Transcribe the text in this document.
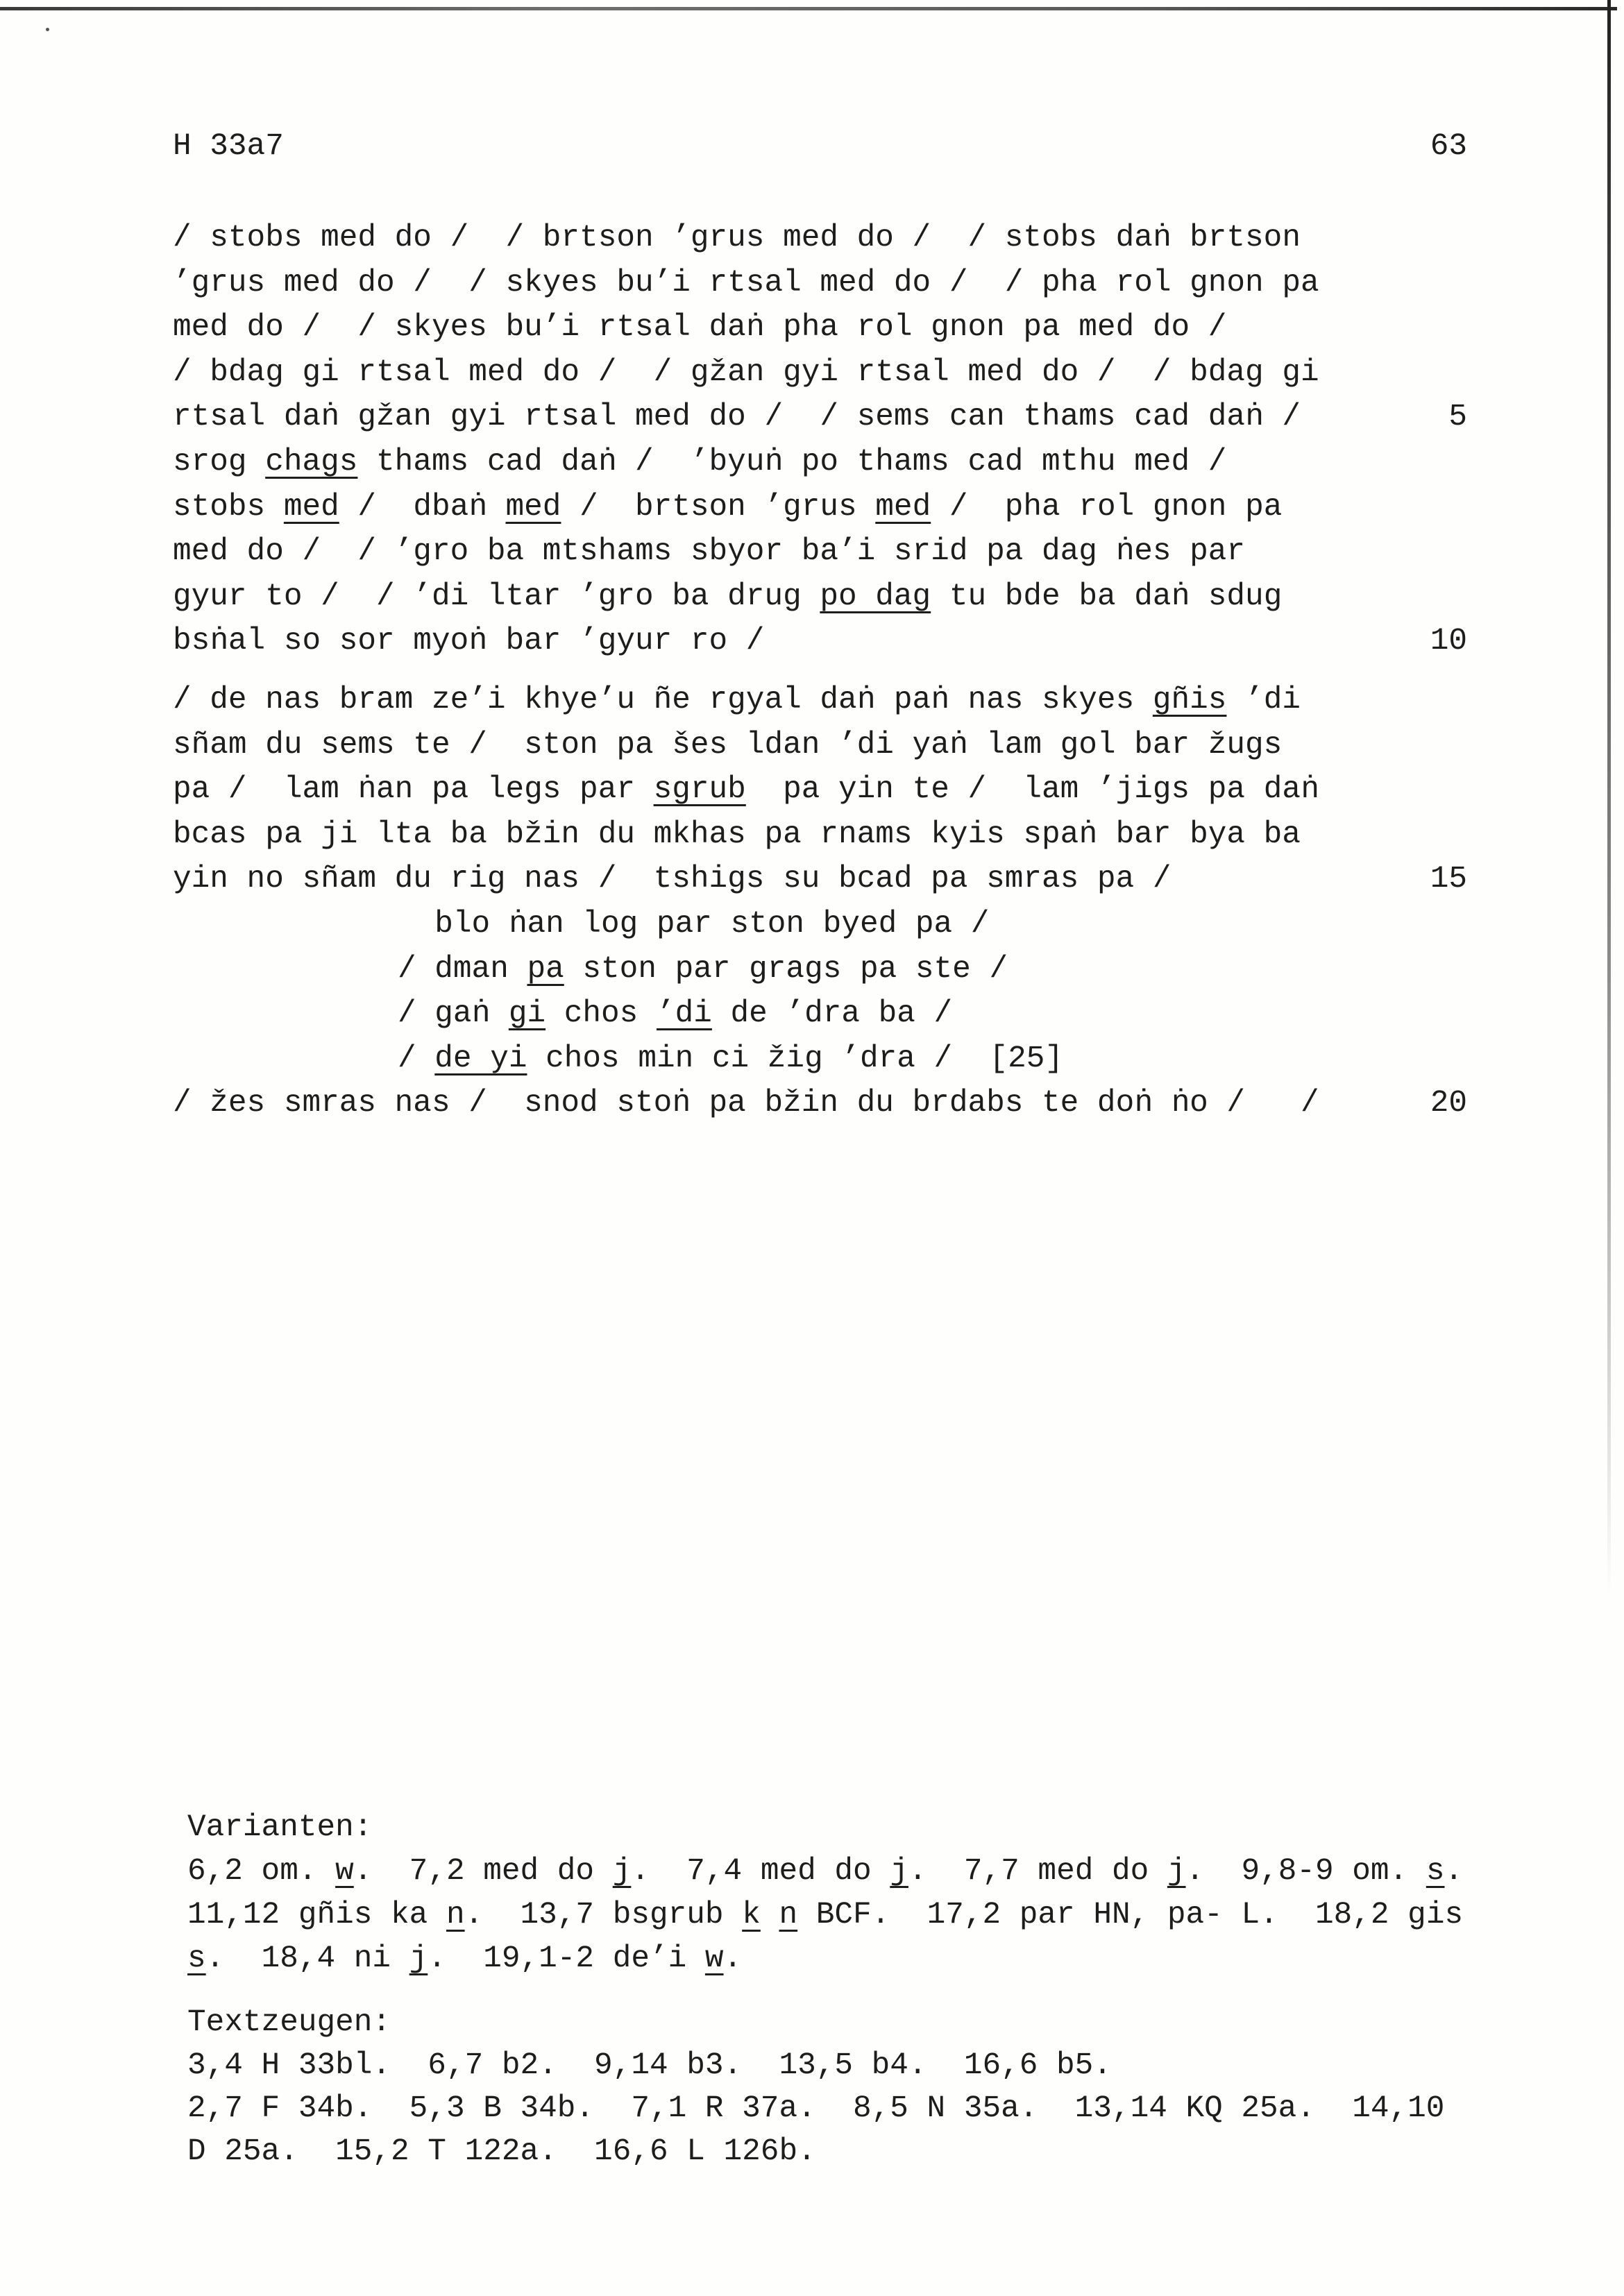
H 33a7	63
/ stobs med do /  / brtson ’grus med do /  / stobs daṅ brtson
’grus med do /  / skyes bu’i rtsal med do /  / pha rol gnon pa
med do /  / skyes bu’i rtsal daṅ pha rol gnon pa med do /
/ bdag gi rtsal med do /  / gžan gyi rtsal med do /  / bdag gi
rtsal daṅ gžan gyi rtsal med do /  / sems can thams cad daṅ /	5
srog chags thams cad daṅ /  ’byuṅ po thams cad mthu med /
stobs med /  dbaṅ med /  brtson ’grus med /  pha rol gnon pa
med do /  / ’gro ba mtshams sbyor ba’i srid pa dag ṅes par
gyur to /  / ’di ltar ’gro ba drug po dag tu bde ba daṅ sdug
bsṅal so sor myoṅ bar ’gyur ro /	10
/ de nas bram ze’i khye’u ñe rgyal daṅ paṅ nas skyes gñis ’di
sñam du sems te /  ston pa šes ldan ’di yaṅ lam gol bar žugs
pa /  lam ṅan pa legs par sgrub  pa yin te /  lam ’jigs pa daṅ
bcas pa ji lta ba bžin du mkhas pa rnams kyis spaṅ bar bya ba
yin no sñam du rig nas /  tshigs su bcad pa smras pa /	15
blo ṅan log par ston byed pa /
/ dman pa ston par grags pa ste /
/ gaṅ gi chos ’di de ’dra ba /
/ de yi chos min ci žig ’dra /  [25]
/ žes smras nas /  snod stoṅ pa bžin du brdabs te doṅ ṅo /   /	20
Varianten:
6,2 om. w.  7,2 med do j.  7,4 med do j.  7,7 med do j.  9,8-9 om. s.
11,12 gñis ka n.  13,7 bsgrub k n BCF.  17,2 par HN, pa- L.  18,2 gis
s.  18,4 ni j.  19,1-2 de’i w.
Textzeugen:
3,4 H 33bl.  6,7 b2.  9,14 b3.  13,5 b4.  16,6 b5.
2,7 F 34b.  5,3 B 34b.  7,1 R 37a.  8,5 N 35a.  13,14 KQ 25a.  14,10
D 25a.  15,2 T 122a.  16,6 L 126b.
